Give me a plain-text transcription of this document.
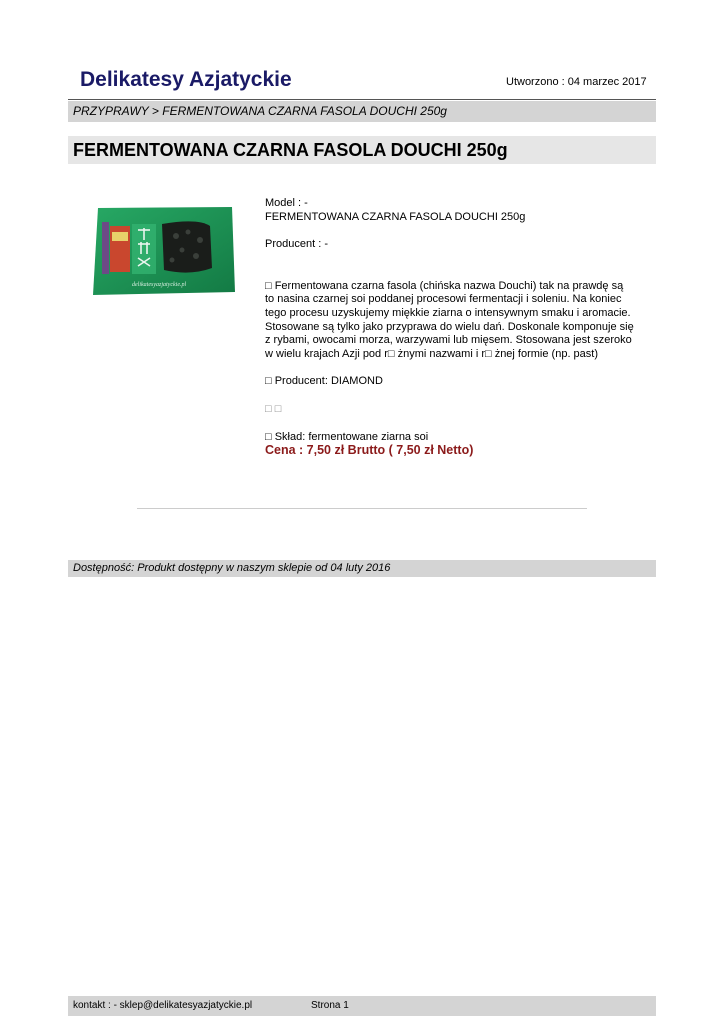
Delikatesy Azjatyckie	Utworzono : 04 marzec 2017
PRZYPRAWY > FERMENTOWANA CZARNA FASOLA DOUCHI 250g
FERMENTOWANA CZARNA FASOLA DOUCHI 250g
delikatesyazjatyckie.pl

Model : -

FERMENTOWANA CZARNA FASOLA DOUCHI 250g

Producent : -

□ Fermentowana czarna fasola (chińska nazwa Douchi) tak na prawdę są to nasina czarnej soi poddanej procesowi fermentacji i soleniu. Na koniec tego procesu uzyskujemy miękkie ziarna o intensywnym smaku i aromacie. Stosowane są tylko jako przyprawa do wielu dań. Doskonale komponuje się z rybami, owocami morza, warzywami lub mięsem. Stosowana jest szeroko w wielu krajach Azji pod r□ żnymi nazwami i r□ żnej formie (np. past)

□ Producent: DIAMOND

□ □

□ Skład: fermentowane ziarna soi

Cena : 7,50 zł Brutto ( 7,50 zł Netto)

Dostępność: Produkt dostępny w naszym sklepie od 04 luty 2016
kontakt : - sklep@delikatesyazjatyckie.pl	Strona 1
